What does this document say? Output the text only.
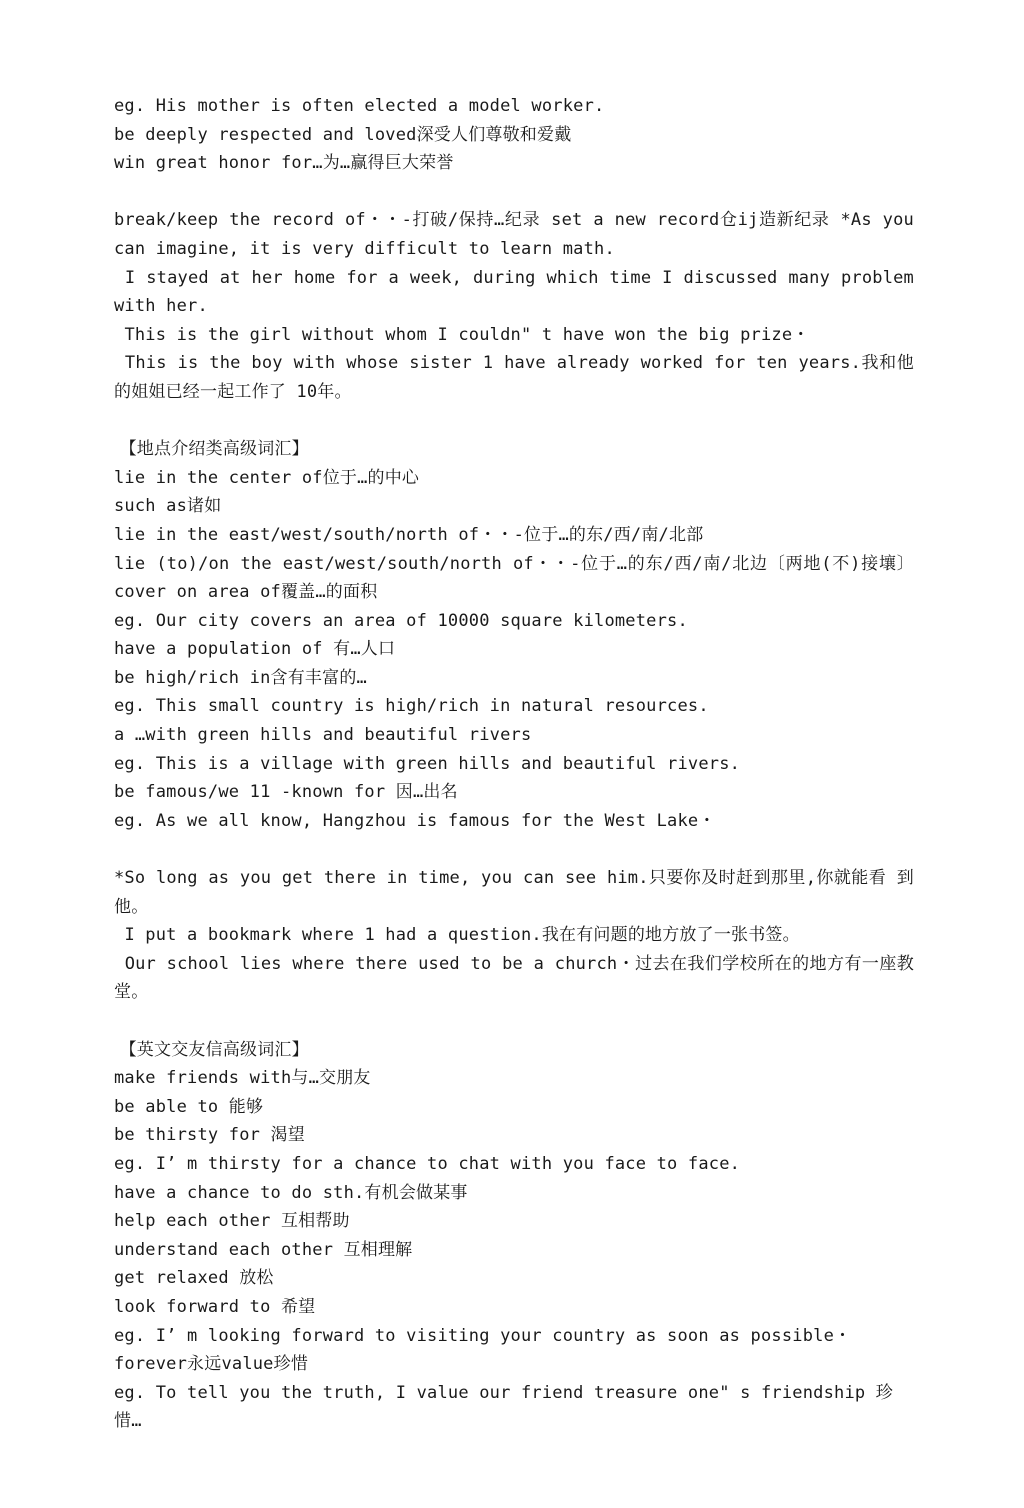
eg. His mother is often elected a model worker.

be deeply respected and loved深受人们尊敬和爱戴

win great honor for…为…赢得巨大荣誉

break/keep the record of・・-打破/保持…纪录 set a new record仓ij造新纪录 *As you can imagine, it is very difficult to learn math.

I stayed at her home for a week, during which time I discussed many problem with her.

This is the girl without whom I couldn" t have won the big prize・

This is the boy with whose sister 1 have already worked for ten years.我和他的姐姐已经一起工作了 10年。

【地点介绍类高级词汇】

lie in the center of位于…的中心

such as诸如

lie in the east/west/south/north of・・-位于…的东/西/南/北部

lie (to)/on the east/west/south/north of・・-位于…的东/西/南/北边〔两地(不)接壤〕 cover on area of覆盖…的面积

eg. Our city covers an area of 10000 square kilometers.

have a population of 有…人口

be high/rich in含有丰富的…

eg. This small country is high/rich in natural resources.

a …with green hills and beautiful rivers

eg. This is a village with green hills and beautiful rivers.

be famous/we 11 -known for 因…出名

eg. As we all know, Hangzhou is famous for the West Lake・

*So long as you get there in time, you can see him.只要你及时赶到那里,你就能看 到他。

I put a bookmark where 1 had a question.我在有问题的地方放了一张书签。

Our school lies where there used to be a church・过去在我们学校所在的地方有一座教堂。

【英文交友信高级词汇】

make friends with与…交朋友

be able to 能够

be thirsty for 渴望

eg. I’ m thirsty for a chance to chat with you face to face.

have a chance to do sth.有机会做某事

help each other 互相帮助

understand each other 互相理解

get relaxed 放松

look forward to 希望

eg. I’ m looking forward to visiting your country as soon as possible・

forever永远value珍惜

eg. To tell you the truth, I value our friend treasure one" s friendship 珍惜…
